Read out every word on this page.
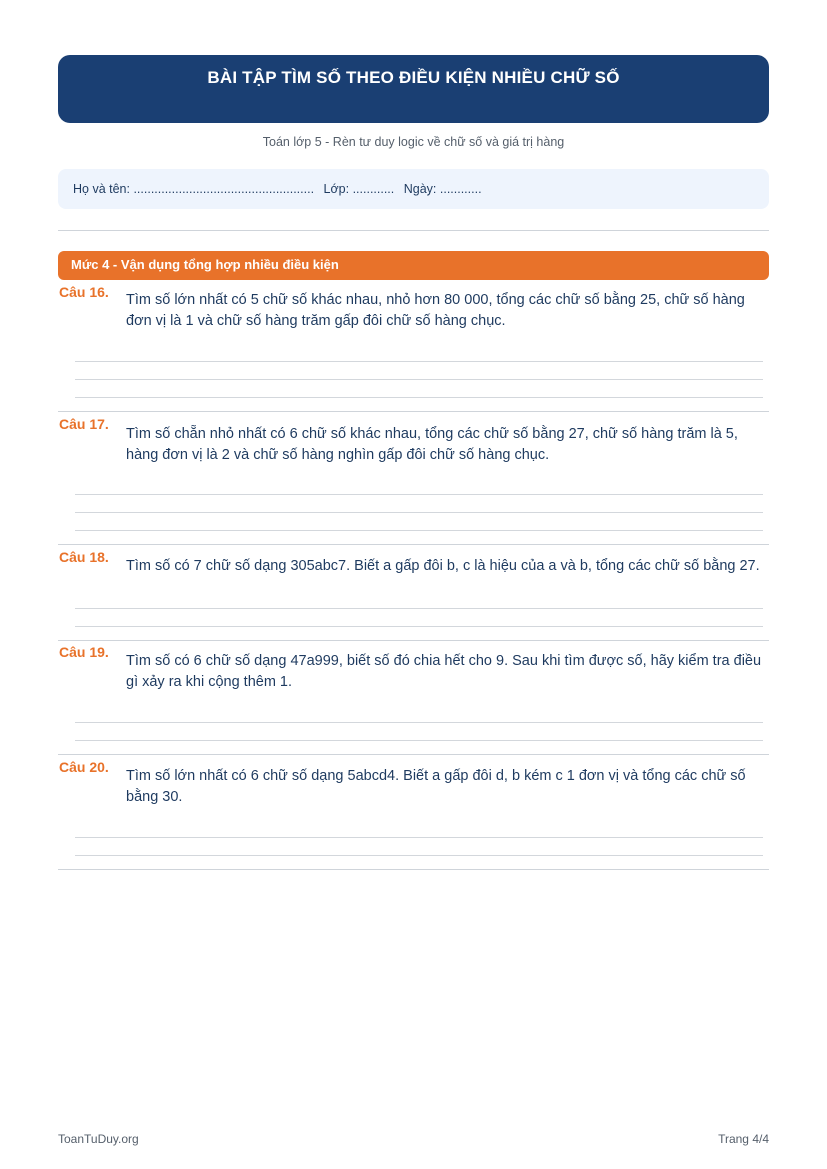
BÀI TẬP TÌM SỐ THEO ĐIỀU KIỆN NHIỀU CHỮ SỐ
Toán lớp 5 - Rèn tư duy logic về chữ số và giá trị hàng
Họ và tên: .................................................... Lớp: ............ Ngày: ............
Mức 4 - Vận dụng tổng hợp nhiều điều kiện
Câu 16. Tìm số lớn nhất có 5 chữ số khác nhau, nhỏ hơn 80 000, tổng các chữ số bằng 25, chữ số hàng đơn vị là 1 và chữ số hàng trăm gấp đôi chữ số hàng chục.
Câu 17.
Tìm số chẵn nhỏ nhất có 6 chữ số khác nhau, tổng các chữ số bằng 27, chữ số hàng trăm là 5, hàng đơn vị là 2 và chữ số hàng nghìn gấp đôi chữ số hàng chục.
Câu 18.
Tìm số có 7 chữ số dạng 305abc7. Biết a gấp đôi b, c là hiệu của a và b, tổng các chữ số bằng 27.
Câu 19.
Tìm số có 6 chữ số dạng 47a999, biết số đó chia hết cho 9. Sau khi tìm được số, hãy kiểm tra điều gì xảy ra khi cộng thêm 1.
Câu 20.
Tìm số lớn nhất có 6 chữ số dạng 5abcd4. Biết a gấp đôi d, b kém c 1 đơn vị và tổng các chữ số bằng 30.
ToanTuDuy.org	Trang 4/4
